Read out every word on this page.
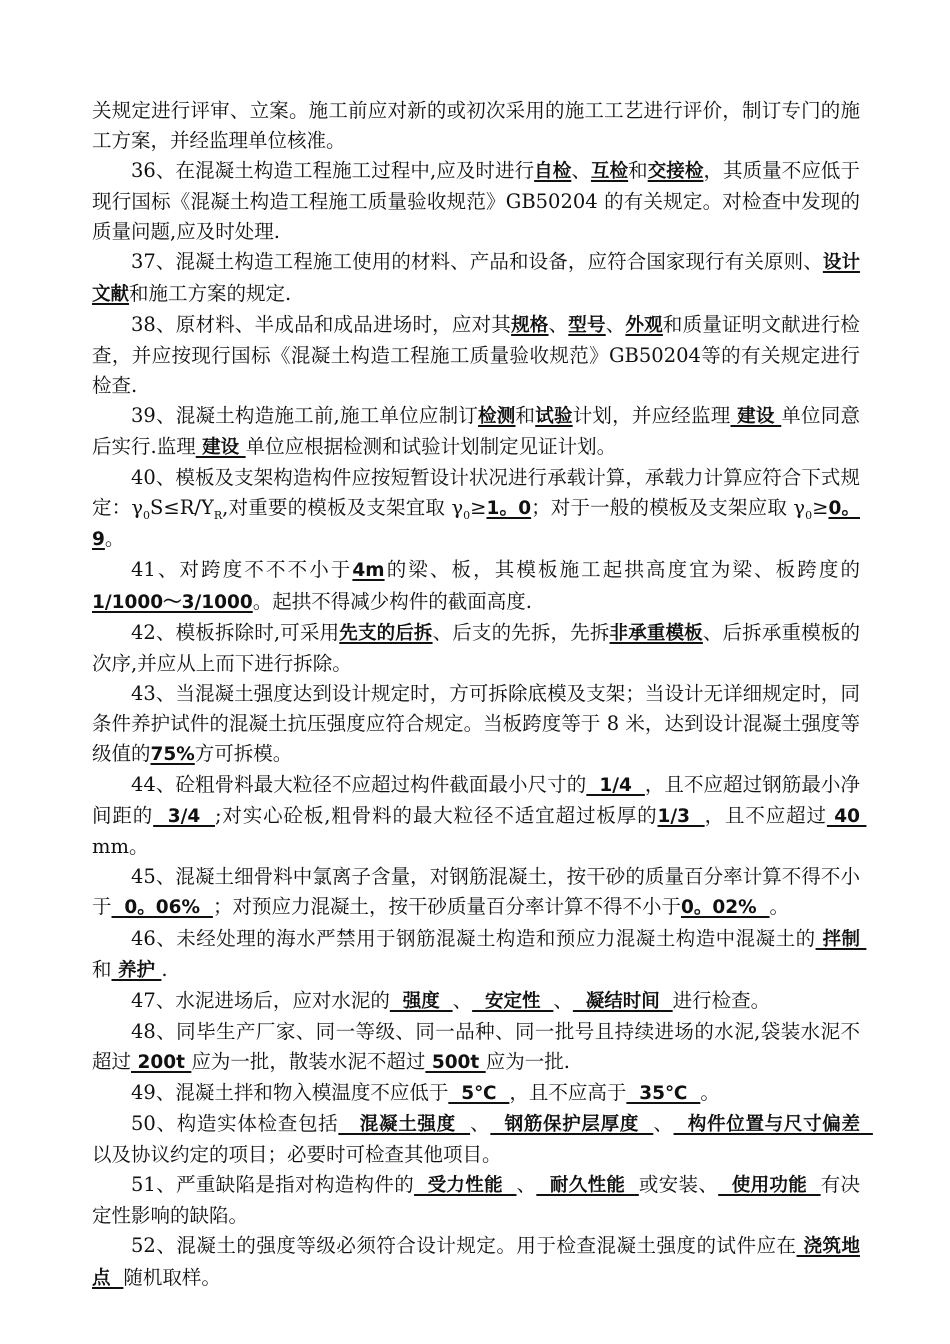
关规定进行评审、立案。施工前应对新的或初次采用的施工工艺进行评价，制订专门的施工方案，并经监理单位核准。

36、在混凝土构造工程施工过程中,应及时进行自检、互检和交接检，其质量不应低于现行国标《混凝土构造工程施工质量验收规范》GB50204 的有关规定。对检查中发现的质量问题,应及时处理.

37、混凝土构造工程施工使用的材料、产品和设备，应符合国家现行有关原则、设计文献和施工方案的规定.

38、原材料、半成品和成品进场时，应对其规格、型号、外观和质量证明文献进行检查，并应按现行国标《混凝土构造工程施工质量验收规范》GB50204等的有关规定进行检查.

39、混凝土构造施工前,施工单位应制订检测和试验计划，并应经监理 建设 单位同意后实行.监理 建设 单位应根据检测和试验计划制定见证计划。

40、模板及支架构造构件应按短暂设计状况进行承载计算，承载力计算应符合下式规定：$\gamma_0S\le R/Y_R$,对重要的模板及支架宜取 $\gamma_0\ge 1$。0；对于一般的模板及支架应取 $\gamma_0\ge 0$。9。

41、对跨度不不不小于4m的梁、板，其模板施工起拱高度宜为梁、板跨度的1/1000～3/1000。起拱不得减少构件的截面高度.

42、模板拆除时,可采用先支的后拆、后支的先拆，先拆非承重模板、后拆承重模板的次序,并应从上而下进行拆除。

43、当混凝土强度达到设计规定时，方可拆除底模及支架；当设计无详细规定时，同条件养护试件的混凝土抗压强度应符合规定。当板跨度等于 8 米，达到设计混凝土强度等级值的75%方可拆模。

44、砼粗骨料最大粒径不应超过构件截面最小尺寸的  1/4  ，且不应超过钢筋最小净间距的  3/4  ;对实心砼板,粗骨料的最大粒径不适宜超过板厚的1/3  ，且不应超过 40 mm。

45、混凝土细骨料中氯离子含量，对钢筋混凝土，按干砂的质量百分率计算不得不小于  0。06%  ；对预应力混凝土，按干砂质量百分率计算不得不小于0。02%  。

46、未经处理的海水严禁用于钢筋混凝土构造和预应力混凝土构造中混凝土的 拌制 和 养护 .

47、水泥进场后，应对水泥的  强度  、  安定性  、  凝结时间  进行检查。

48、同毕生产厂家、同一等级、同一品种、同一批号且持续进场的水泥,袋装水泥不超过 200t 应为一批，散装水泥不超过 500t 应为一批.

49、混凝土拌和物入模温度不应低于  5℃  ，且不应高于  35℃  。

50、构造实体检查包括   混凝土强度  、  钢筋保护层厚度  、  构件位置与尺寸偏差  以及协议约定的项目；必要时可检查其他项目。

51、严重缺陷是指对构造构件的  受力性能  、  耐久性能  或安装、  使用功能  有决定性影响的缺陷。

52、混凝土的强度等级必须符合设计规定。用于检查混凝土强度的试件应在 浇筑地点  随机取样。
